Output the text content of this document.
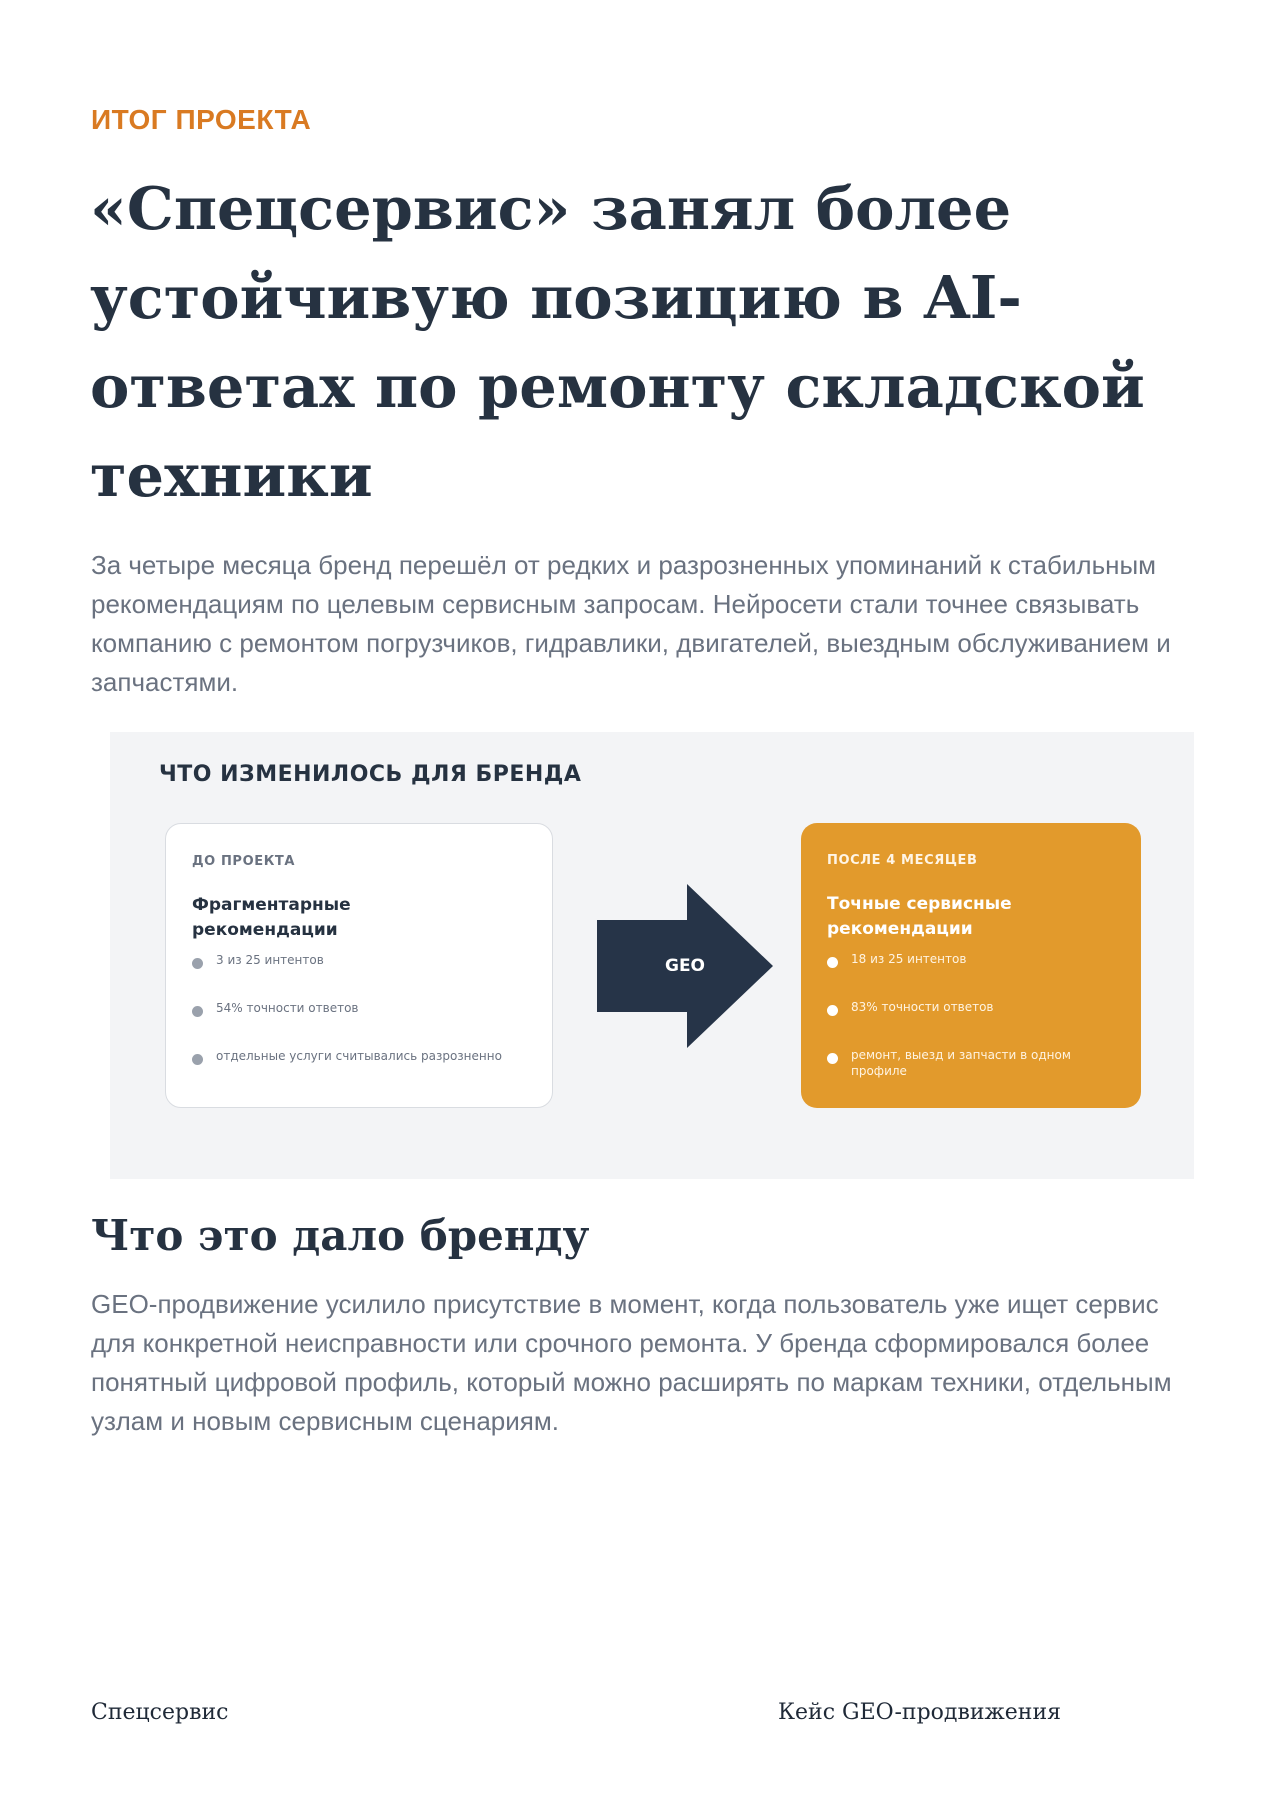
ИТОГ ПРОЕКТА
«Спецсервис» занял более устойчивую позицию в AI-ответах по ремонту складской техники

За четыре месяца бренд перешёл от редких и разрозненных упоминаний к стабильным рекомендациям по целевым сервисным запросам. Нейросети стали точнее связывать компанию с ремонтом погрузчиков, гидравлики, двигателей, выездным обслуживанием и запчастями.

ЧТО ИЗМЕНИЛОСЬ ДЛЯ БРЕНДА
ДО ПРОЕКТА
Фрагментарные рекомендации
3 из 25 интентов
54% точности ответов
отдельные услуги считывались разрозненно
GEO
ПОСЛЕ 4 МЕСЯЦЕВ
Точные сервисные рекомендации
18 из 25 интентов
83% точности ответов
ремонт, выезд и запчасти в одном профиле
Что это дало бренду

GEO-продвижение усилило присутствие в момент, когда пользователь уже ищет сервис для конкретной неисправности или срочного ремонта. У бренда сформировался более понятный цифровой профиль, который можно расширять по маркам техники, отдельным узлам и новым сервисным сценариям.

Спецсервис	Кейс GEO-продвижения
